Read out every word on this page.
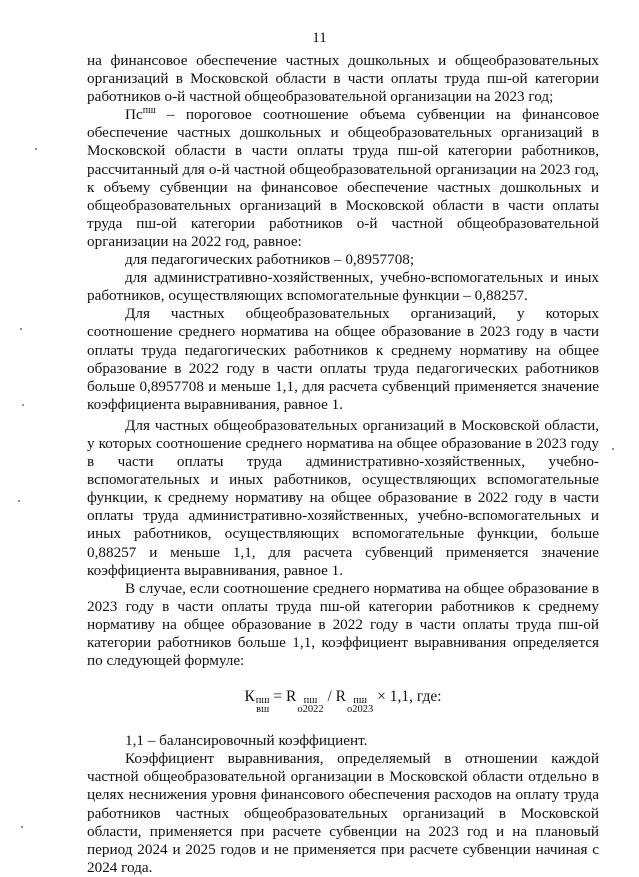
11

на финансовое обеспечение частных дошкольных и общеобразовательных организаций в Московской области в части оплаты труда пш-ой категории работников о-й частной общеобразовательной организации на 2023 год;

$Пс^{пш}$ – пороговое соотношение объема субвенции на финансовое обеспечение частных дошкольных и общеобразовательных организаций в Московской области в части оплаты труда пш-ой категории работников, рассчитанный для о-й частной общеобразовательной организации на 2023 год, к объему субвенции на финансовое обеспечение частных дошкольных и общеобразовательных организаций в Московской области в части оплаты труда пш-ой категории работников о-й частной общеобразовательной организации на 2022 год, равное:

для педагогических работников – 0,8957708;

для административно-хозяйственных, учебно-вспомогательных и иных работников, осуществляющих вспомогательные функции – 0,88257.

Для частных общеобразовательных организаций, у которых соотношение среднего норматива на общее образование в 2023 году в части оплаты труда педагогических работников к среднему нормативу на общее образование в 2022 году в части оплаты труда педагогических работников больше 0,8957708 и меньше 1,1, для расчета субвенций применяется значение коэффициента выравнивания, равное 1.

Для частных общеобразовательных организаций в Московской области, у которых соотношение среднего норматива на общее образование в 2023 году в части оплаты труда административно-хозяйственных, учебно-вспомогательных и иных работников, осуществляющих вспомогательные функции, к среднему нормативу на общее образование в 2022 году в части оплаты труда административно-хозяйственных, учебно-вспомогательных и иных работников, осуществляющих вспомогательные функции, больше 0,88257 и меньше 1,1, для расчета субвенций применяется значение коэффициента выравнивания, равное 1.

В случае, если соотношение среднего норматива на общее образование в 2023 году в части оплаты труда пш-ой категории работников к среднему нормативу на общее образование в 2022 году в части оплаты труда пш-ой категории работников больше 1,1, коэффициент выравнивания определяется по следующей формуле:

К пш
вш
= R пш
о2022
/ R пш
о2023
× 1,1, где:

1,1 – балансировочный коэффициент.

Коэффициент выравнивания, определяемый в отношении каждой частной общеобразовательной организации в Московской области отдельно в целях неснижения уровня финансового обеспечения расходов на оплату труда работников частных общеобразовательных организаций в Московской области, применяется при расчете субвенции на 2023 год и на плановый период 2024 и 2025 годов и не применяется при расчете субвенции начиная с 2024 года.
